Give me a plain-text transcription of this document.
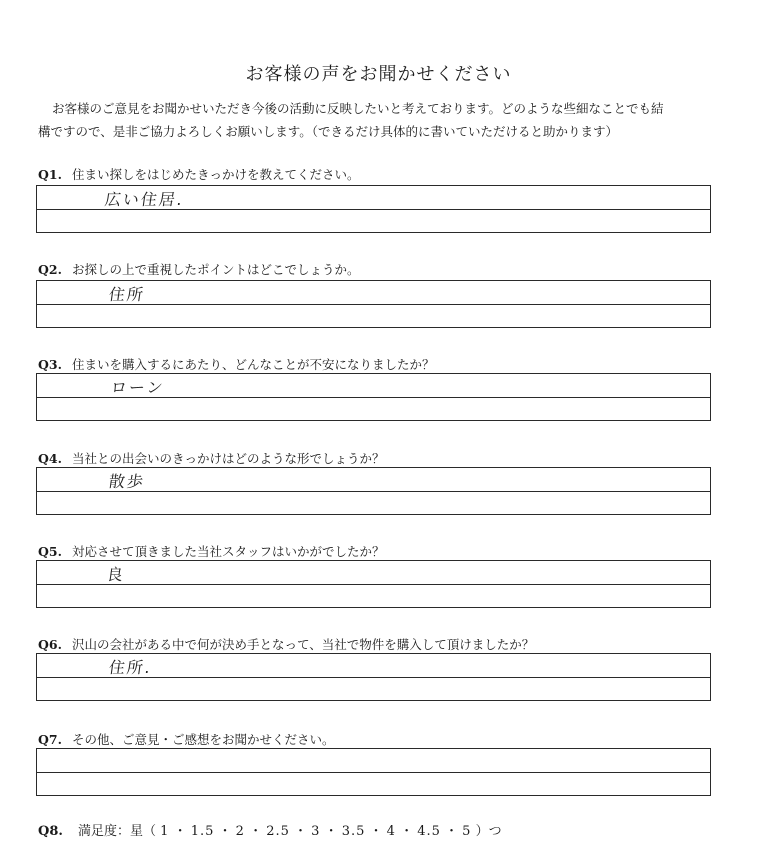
お客様の声をお聞かせください
お客様のご意見をお聞かせいただき今後の活動に反映したいと考えております。どのような些細なことでも結
構ですので、是非ご協力よろしくお願いします。（できるだけ具体的に書いていただけると助かります）
Q1. 住まい探しをはじめたきっかけを教えてください。
広い住居.
Q2. お探しの上で重視したポイントはどこでしょうか。
住所
Q3. 住まいを購入するにあたり、どんなことが不安になりましたか？
ローン
Q4. 当社との出会いのきっかけはどのような形でしょうか？
散歩
Q5. 対応させて頂きました当社スタッフはいかがでしたか？
良
Q6. 沢山の会社がある中で何が決め手となって、当社で物件を購入して頂けましたか？
住所.
Q7. その他、ご意見・ご感想をお聞かせください。
Q8. 満足度：星（ 1 ・ 1.5 ・ 2 ・ 2.5 ・ 3 ・ 3.5 ・ 4 ・ 4.5 ・ 5 ）つ
